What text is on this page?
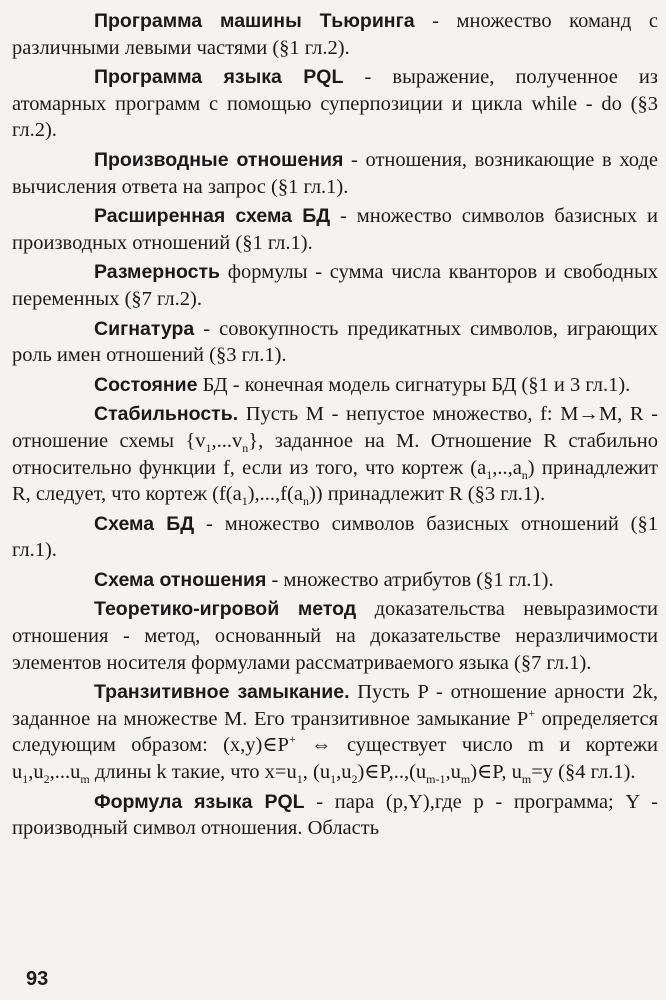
Программа машины Тьюринга - множество команд с различными левыми частями (§1 гл.2).

Программа языка PQL - выражение, полученное из атомарных программ с помощью суперпозиции и цикла while - do (§3 гл.2).

Производные отношения - отношения, возникающие в ходе вычисления ответа на запрос (§1 гл.1).

Расширенная схема БД - множество символов базисных и производных отношений (§1 гл.1).

Размерность формулы - сумма числа кванторов и свободных переменных (§7 гл.2).

Сигнатура - совокупность предикатных символов, играющих роль имен отношений (§3 гл.1).

Состояние БД - конечная модель сигнатуры БД (§1 и 3 гл.1).

Стабильность. Пусть М - непустое множество, f: М→М, R - отношение схемы $\{v_1,...v_n\}$, заданное на М. Отношение R стабильно относительно функции f, если из того, что кортеж $(a_1,..,a_n)$ принадлежит R, следует, что кортеж $(f(a_1),...,f(a_n))$ принадлежит R (§3 гл.1).

Схема БД - множество символов базисных отношений (§1 гл.1).

Схема отношения - множество атрибутов (§1 гл.1).

Теоретико-игровой метод доказательства невыразимости отношения - метод, основанный на доказательстве неразличимости элементов носителя формулами рассматриваемого языка (§7 гл.1).

Транзитивное замыкание. Пусть P - отношение арности 2k, заданное на множестве М. Его транзитивное замыкание P+ определяется следующим образом: (x,y)∈P+ ⇔ существует число m и кортежи $u_1,u_2,...u_m$ длины k такие, что $x=u_1$, $(u_1,u_2)\in P,..,(u_{m-1},u_m)\in P$, $u_m=y$ (§4 гл.1).

Формула языка PQL - пара (p,Y),где p - программа; Y - производный символ отношения. Область

93
